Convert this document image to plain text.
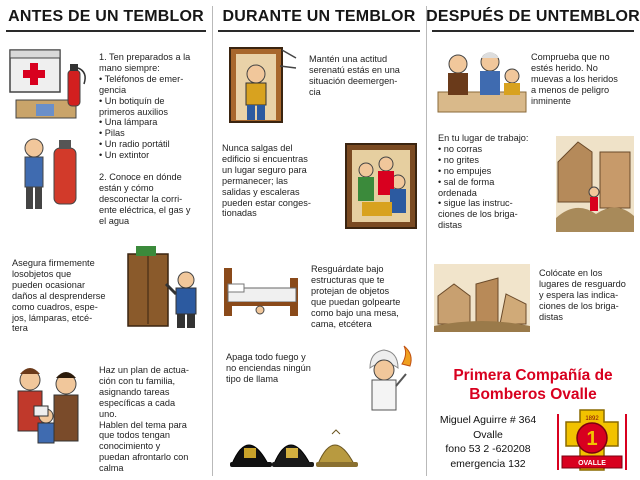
ANTES DE UN TEMBLOR
1. Ten preparados a la
mano siempre:
• Teléfonos de emer-
gencia
• Un botiquín de
primeros auxilios
• Una lámpara
• Pilas
• Un radio portátil
• Un extintor
2. Conoce en dónde
están y cómo
desconectar la corri-
ente eléctrica, el gas y
el agua
Asegura firmemente
losobjetos que
pueden ocasionar
daños al desprenderse
como cuadros, espe-
jos, lámparas, etcé-
tera
Haz un plan de actua-
ción con tu familia,
asignando tareas
específicas a cada
uno.
Hablen del tema para
que todos tengan
conocimiento y
puedan afrontarlo con
calma
DURANTE UN TEMBLOR
Mantén una actitud
serenatú estás en una
situación deemergen-
cia
Nunca salgas del
edificio si encuentras
un lugar seguro para
permanecer; las
salidas y escaleras
pueden estar conges-
tionadas
Resguárdate bajo
estructuras que te
protejan de objetos
que puedan golpearte
como bajo una mesa,
cama, etcétera
Apaga todo fuego y
no enciendas ningún
tipo de llama
DESPUÉS DE UNTEMBLOR
Comprueba que no
estés herido. No
muevas a los heridos
a menos de peligro
inminente
En tu lugar de trabajo:
• no corras
• no grites
• no empujes
• sal de forma
ordenada
• sigue las instruc-
ciones de los briga-
distas
Colócate en los
lugares de resguardo
y espera las indica-
ciones de los briga-
distas
Primera Compañía de
Bomberos Ovalle
Miguel Aguirre # 364
Ovalle
fono 53 2 -620208
emergencia 132
1
1892
OVALLE
